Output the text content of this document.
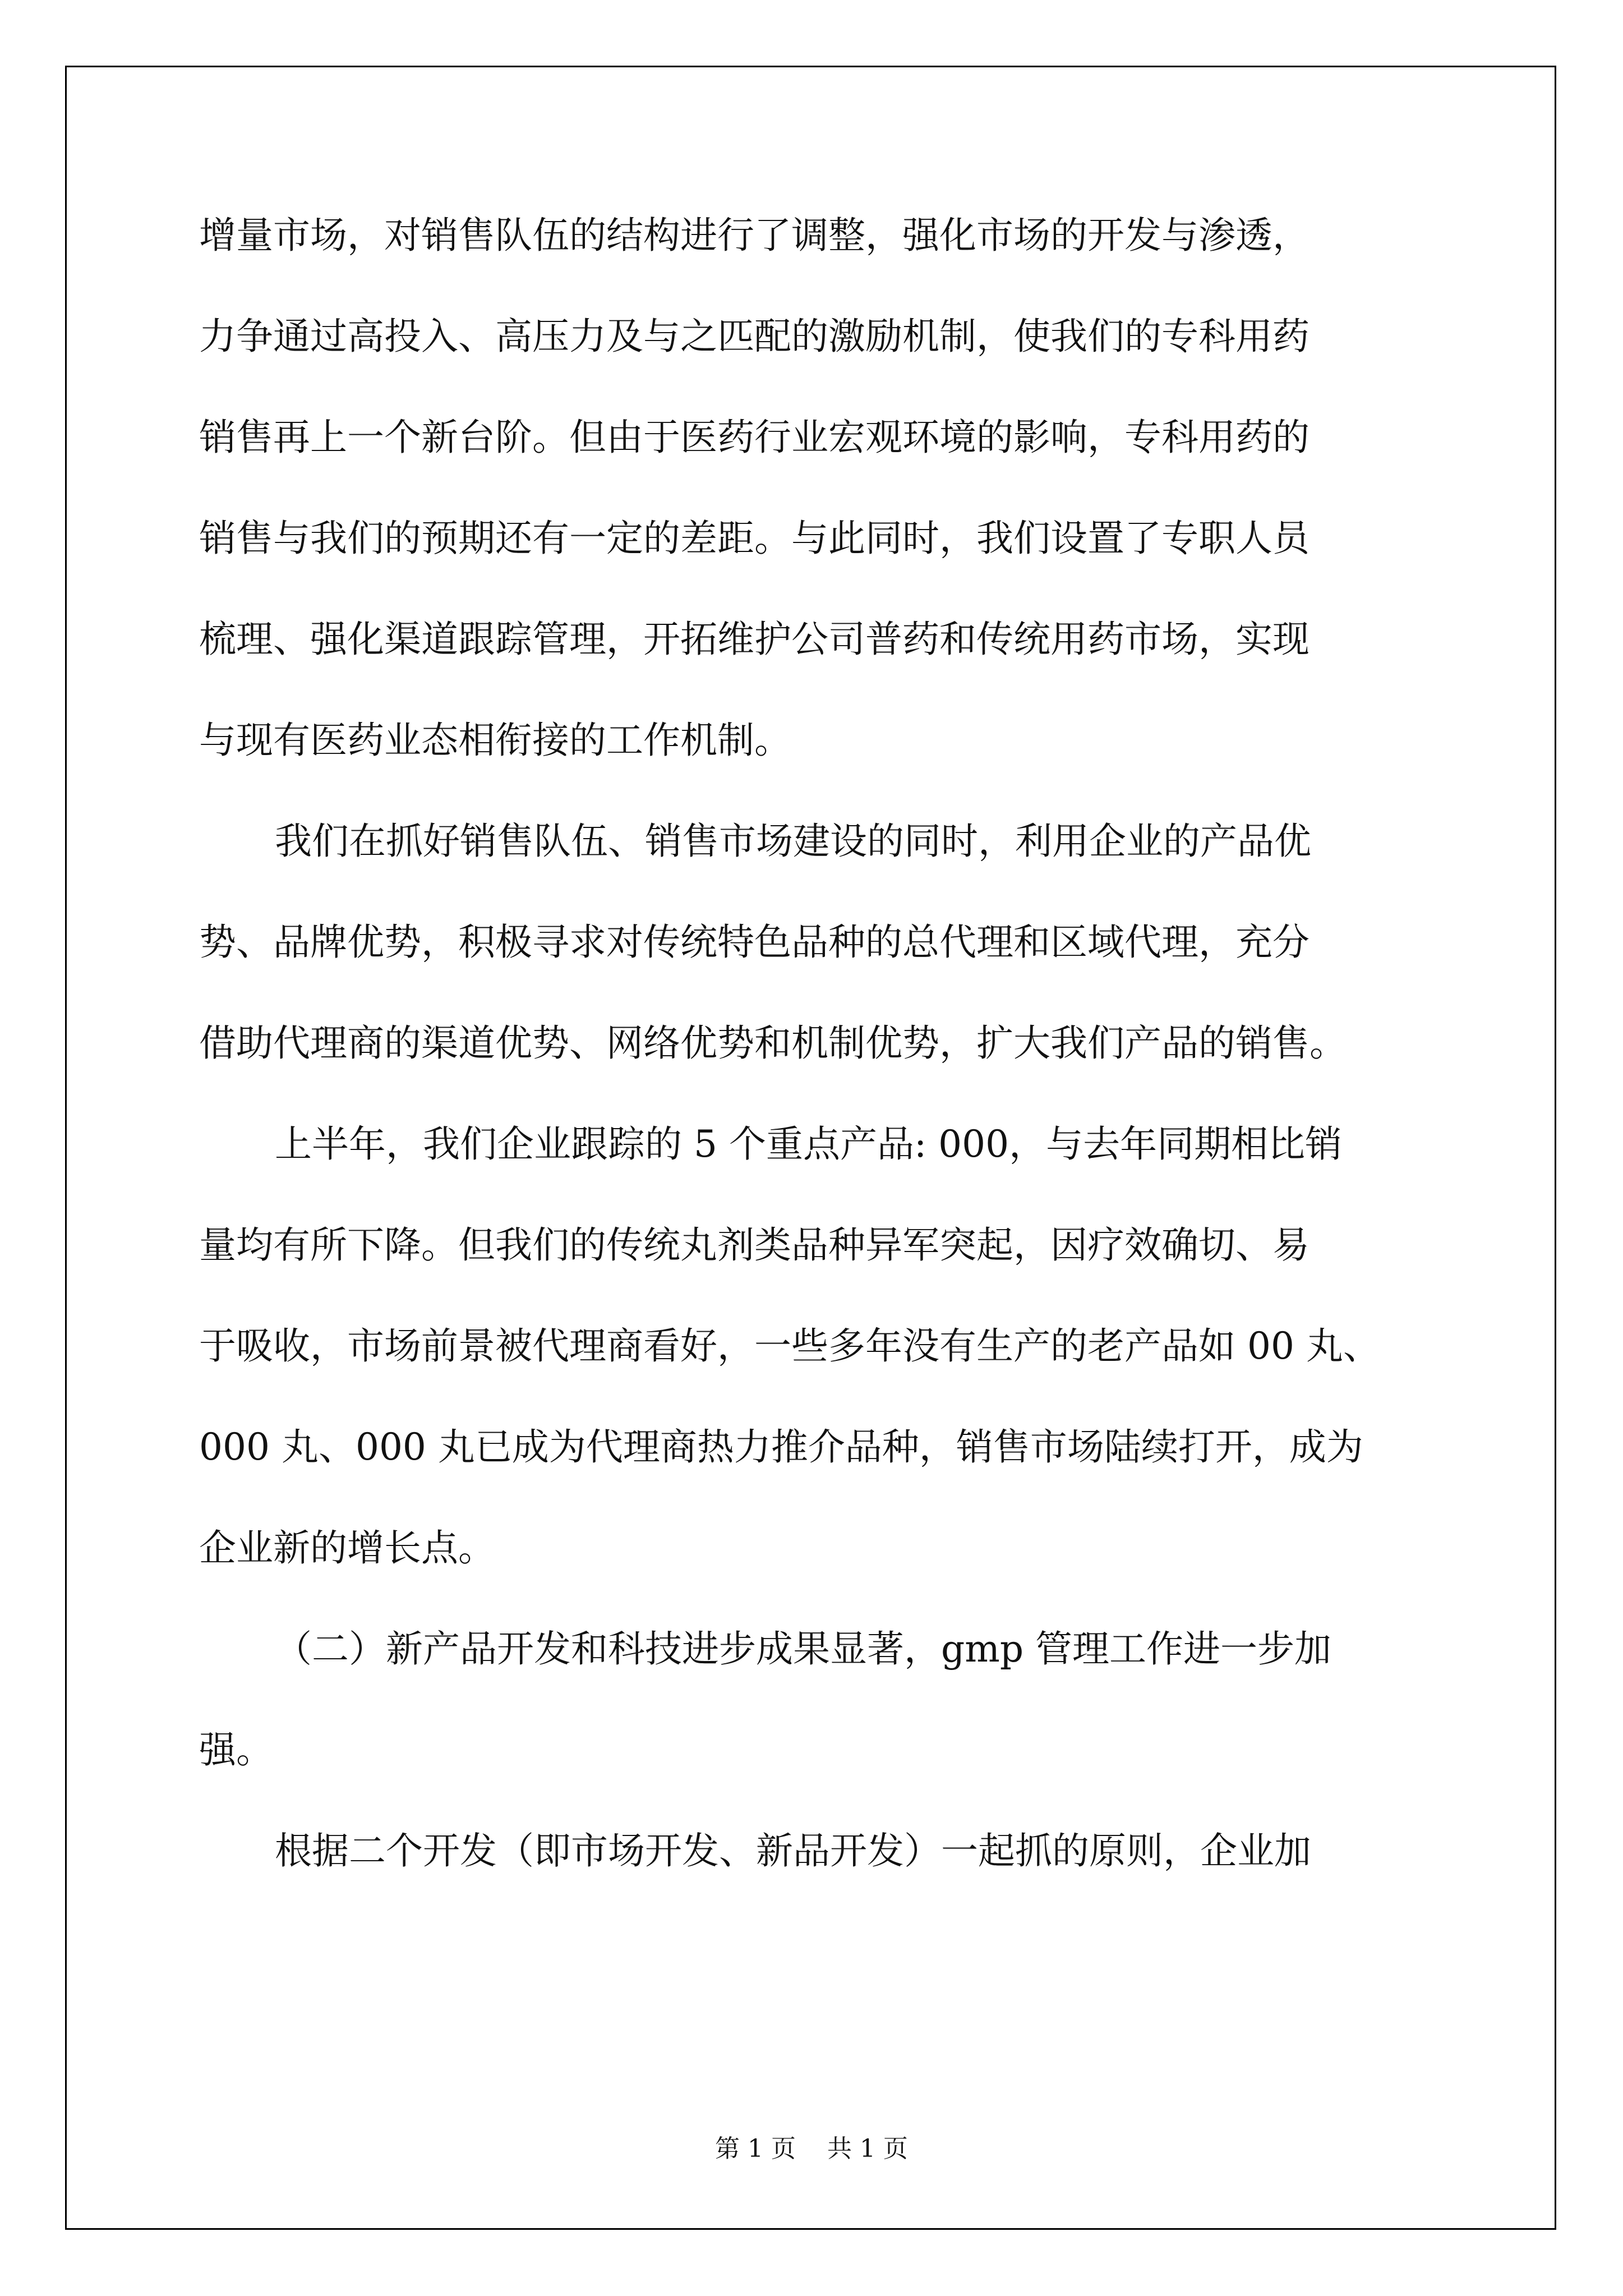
增量市场，对销售队伍的结构进行了调整，强化市场的开发与渗透，
力争通过高投入、高压力及与之匹配的激励机制，使我们的专科用药
销售再上一个新台阶。但由于医药行业宏观环境的影响，专科用药的
销售与我们的预期还有一定的差距。与此同时，我们设置了专职人员
梳理、强化渠道跟踪管理，开拓维护公司普药和传统用药市场，实现
与现有医药业态相衔接的工作机制。
我们在抓好销售队伍、销售市场建设的同时，利用企业的产品优
势、品牌优势，积极寻求对传统特色品种的总代理和区域代理，充分
借助代理商的渠道优势、网络优势和机制优势，扩大我们产品的销售。
上半年，我们企业跟踪的 5 个重点产品: 000，与去年同期相比销
量均有所下降。但我们的传统丸剂类品种异军突起，因疗效确切、易
于吸收，市场前景被代理商看好，一些多年没有生产的老产品如 00 丸、
000 丸、000 丸已成为代理商热力推介品种，销售市场陆续打开，成为
企业新的增长点。
（二）新产品开发和科技进步成果显著，gmp 管理工作进一步加
强。
根据二个开发（即市场开发、新品开发）一起抓的原则，企业加
第 1 页 共 1 页
